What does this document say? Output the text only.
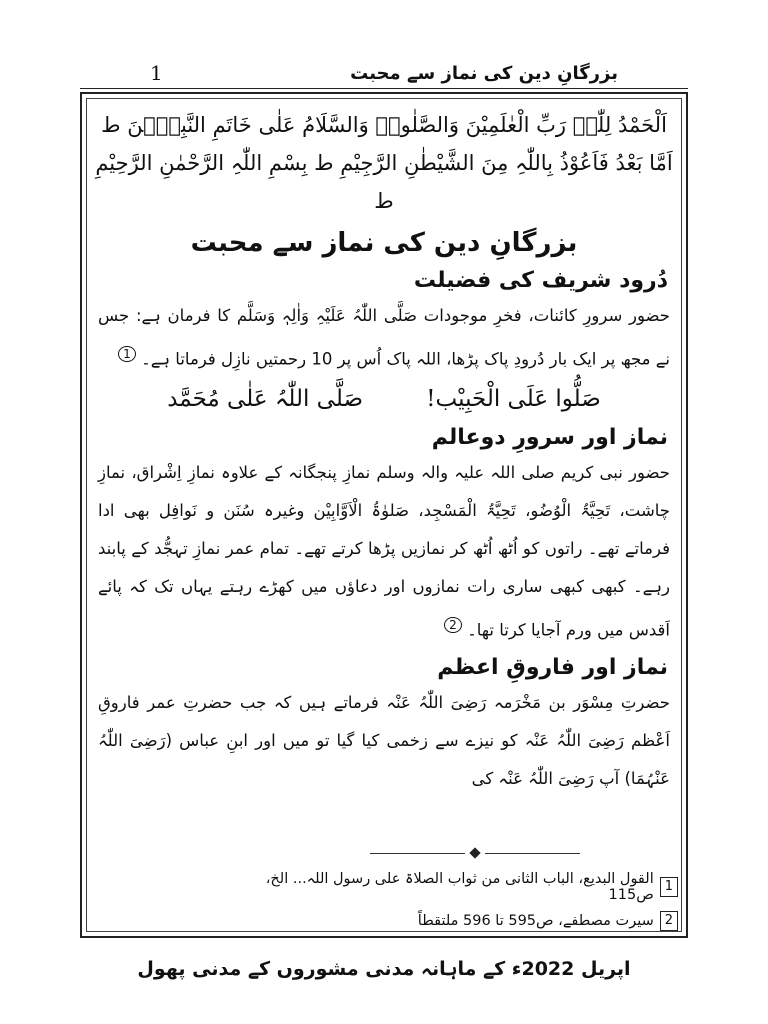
1	بزرگانِ دین کی نماز سے محبت

اَلْحَمْدُ لِلّٰہِ رَبِّ الْعٰلَمِیْنَ وَالصَّلٰوۃُ وَالسَّلَامُ عَلٰی خَاتَمِ النَّبِیّٖنَ ط

اَمَّا بَعْدُ فَاَعُوْذُ بِاللّٰہِ مِنَ الشَّیْطٰنِ الرَّجِیْمِ ط بِسْمِ اللّٰہِ الرَّحْمٰنِ الرَّحِیْمِ ط

بزرگانِ دین کی نماز سے محبت
دُرود شریف کی فضیلت

حضور سرورِ کائنات، فخرِ موجودات صَلَّی اللّٰہُ عَلَیْہِ وَاٰلِہٖ وَسَلَّم کا فرمان ہے: جس نے مجھ پر ایک بار دُرودِ پاک پڑھا، اللہ پاک اُس پر 10 رحمتیں نازِل فرماتا ہے۔ $^1$

صَلُّوا عَلَی الْحَبِیْب! صَلَّی اللّٰہُ عَلٰی مُحَمَّد

نماز اور سرورِ دوعالم

حضور نبی کریم صلی اللہ علیہ والہ وسلم نمازِ پنجگانہ کے علاوہ نمازِ اِشْراق، نمازِ چاشت، تَحِیَّۃُ الْوُضُو، تَحِیَّۃُ الْمَسْجِد، صَلوٰۃُ الْاَوَّابِیْن وغیرہ سُنَن و نَوافِل بھی ادا فرماتے تھے۔ راتوں کو اُٹھ اُٹھ کر نمازیں پڑھا کرتے تھے۔ تمام عمر نمازِ تہجُّد کے پابند رہے۔ کبھی کبھی ساری رات نمازوں اور دعاؤں میں کھڑے رہتے یہاں تک کہ پائے اَقدس میں ورم آجایا کرتا تھا۔ $^2$

نماز اور فاروقِ اعظم

حضرتِ مِسْوَر بن مَخْرَمہ رَضِیَ اللّٰہُ عَنْہ فرماتے ہیں کہ جب حضرتِ عمر فاروقِ اَعْظم رَضِیَ اللّٰہُ عَنْہ کو نیزے سے زخمی کیا گیا تو میں اور ابنِ عباس (رَضِیَ اللّٰہُ عَنْہُمَا) آپ رَضِیَ اللّٰہُ عَنْہ کی

1
القول البدیع، الباب الثانی من ثواب الصلاۃ علی رسول اللہ... الخ، ص115
2
سیرت مصطفے، ص595 تا 596 ملتقطاً
اپریل 2022ء کے ماہانہ مدنی مشوروں کے مدنی پھول
